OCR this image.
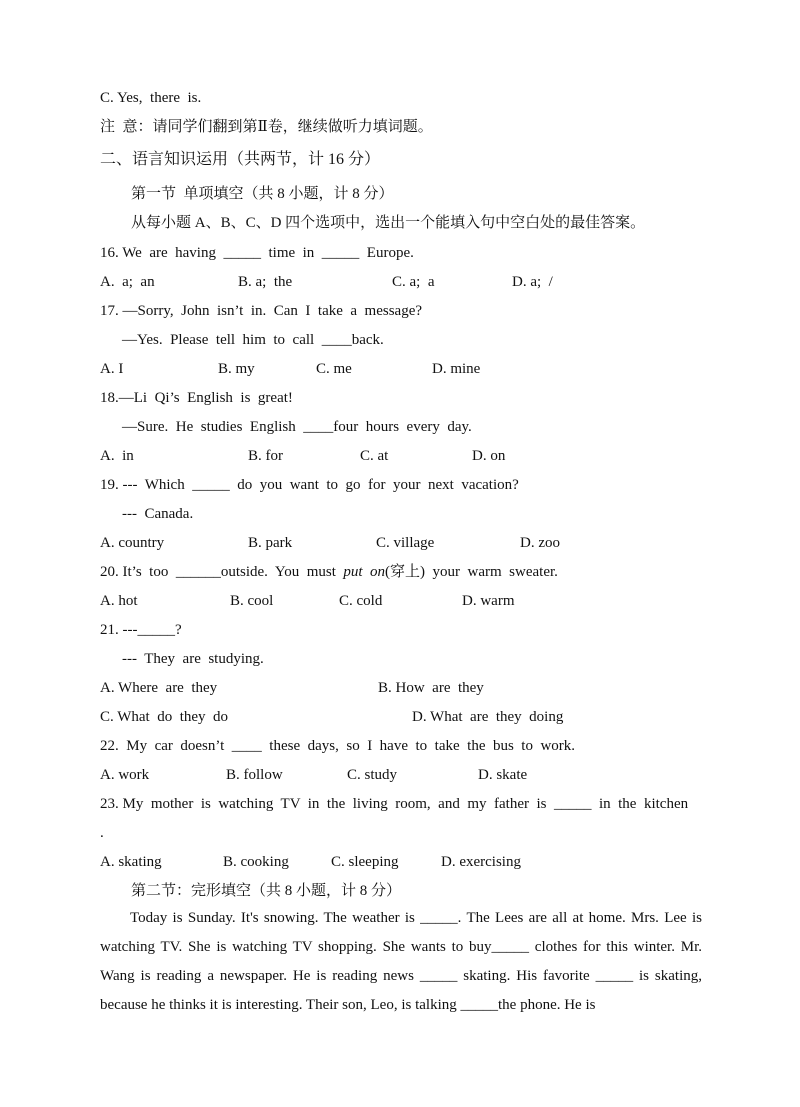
C. Yes,  there  is.
注  意：请同学们翻到第Ⅱ卷，继续做听力填词题。
二、语言知识运用（共两节，计 16 分）
第一节  单项填空（共 8 小题，计 8 分）
从每小题 A、B、C、D 四个选项中，选出一个能填入句中空白处的最佳答案。
16. We  are  having  _____  time  in  _____  Europe.
A.  a;  an	B. a;  the	C. a;  a	D. a;  /
17. —Sorry,  John  isn’t  in.  Can  I  take  a  message?
—Yes.  Please  tell  him  to  call  ____back.
A. I	B. my	C. me	D. mine
18.—Li  Qi’s  English  is  great!
—Sure.  He  studies  English  ____four  hours  every  day.
A.  in	B. for	C. at	D. on
19. ---  Which  _____  do  you  want  to  go  for  your  next  vacation?
---  Canada.
A. country	B. park	C. village	D. zoo
20. It’s  too  ______outside.  You  must  put  on(穿上)  your  warm  sweater.
A. hot	B. cool	C. cold	D. warm
21. ---_____?
---  They  are  studying.
A. Where  are  they	B. How  are  they
C. What  do  they  do	D. What  are  they  doing
22.  My  car  doesn’t  ____  these  days,  so  I  have  to  take  the  bus  to  work.
A. work	B. follow	C. study	D. skate
23. My  mother  is  watching  TV  in  the  living  room,  and  my  father  is  _____  in  the  kitchen
.
A. skating	B. cooking	C. sleeping	D. exercising
第二节：完形填空（共 8 小题，计 8 分）

Today is Sunday. It's snowing. The weather is _____. The Lees are all at home. Mrs. Lee is watching TV. She is watching TV shopping. She wants to buy_____ clothes for this winter. Mr. Wang is reading a newspaper. He is reading news _____ skating. His favorite _____ is skating, because he thinks it is interesting. Their son, Leo, is talking _____the phone. He is
